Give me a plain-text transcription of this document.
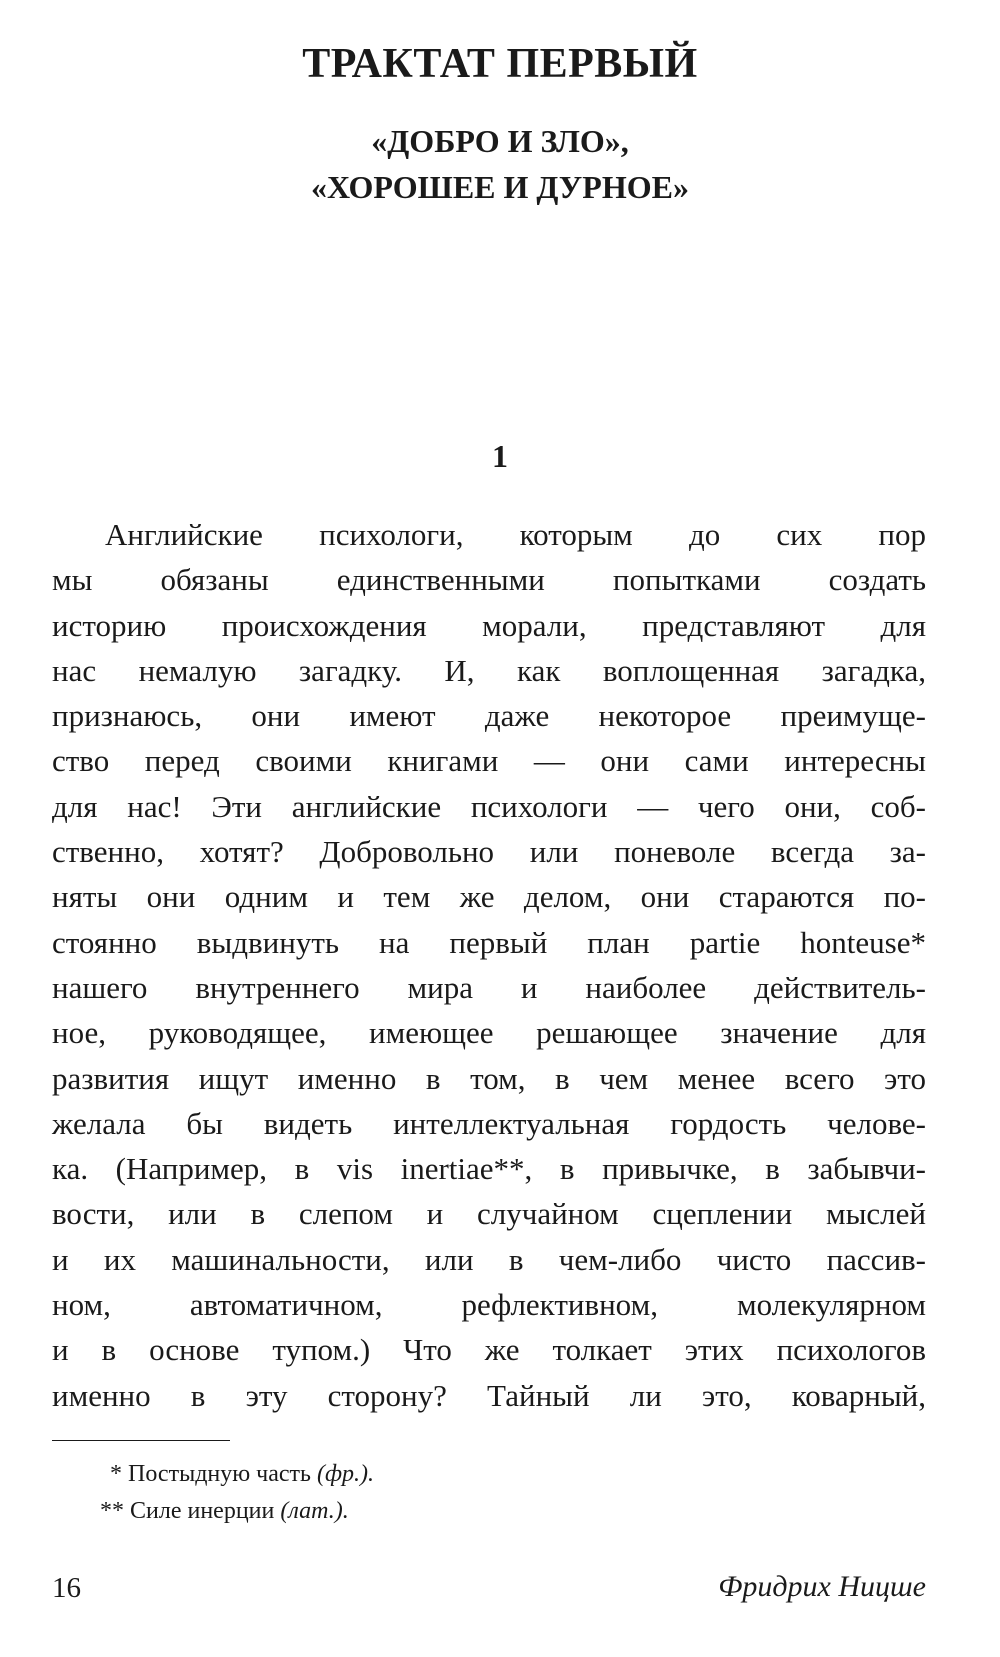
ТРАКТАТ ПЕРВЫЙ
«ДОБРО И ЗЛО»,
«ХОРОШЕЕ И ДУРНОЕ»
1
Английские психологи, которым до сих пор
мы обязаны единственными попытками создать
историю происхождения морали, представляют для
нас немалую загадку. И, как воплощенная загадка,
признаюсь, они имеют даже некоторое преимуще-
ство перед своими книгами — они сами интересны
для нас! Эти английские психологи — чего они, соб-
ственно, хотят? Добровольно или поневоле всегда за-
няты они одним и тем же делом, они стараются по-
стоянно выдвинуть на первый план partie honteuse*
нашего внутреннего мира и наиболее действитель-
ное, руководящее, имеющее решающее значение для
развития ищут именно в том, в чем менее всего это
желала бы видеть интеллектуальная гордость челове-
ка. (Например, в vis inertiae**, в привычке, в забывчи-
вости, или в слепом и случайном сцеплении мыслей
и их машинальности, или в чем-либо чисто пассив-
ном, автоматичном, рефлективном, молекулярном
и в основе тупом.) Что же толкает этих психологов
именно в эту сторону? Тайный ли это, коварный,
* Постыдную часть (фр.).
** Силе инерции (лат.).
16	Фридрих Ницше
